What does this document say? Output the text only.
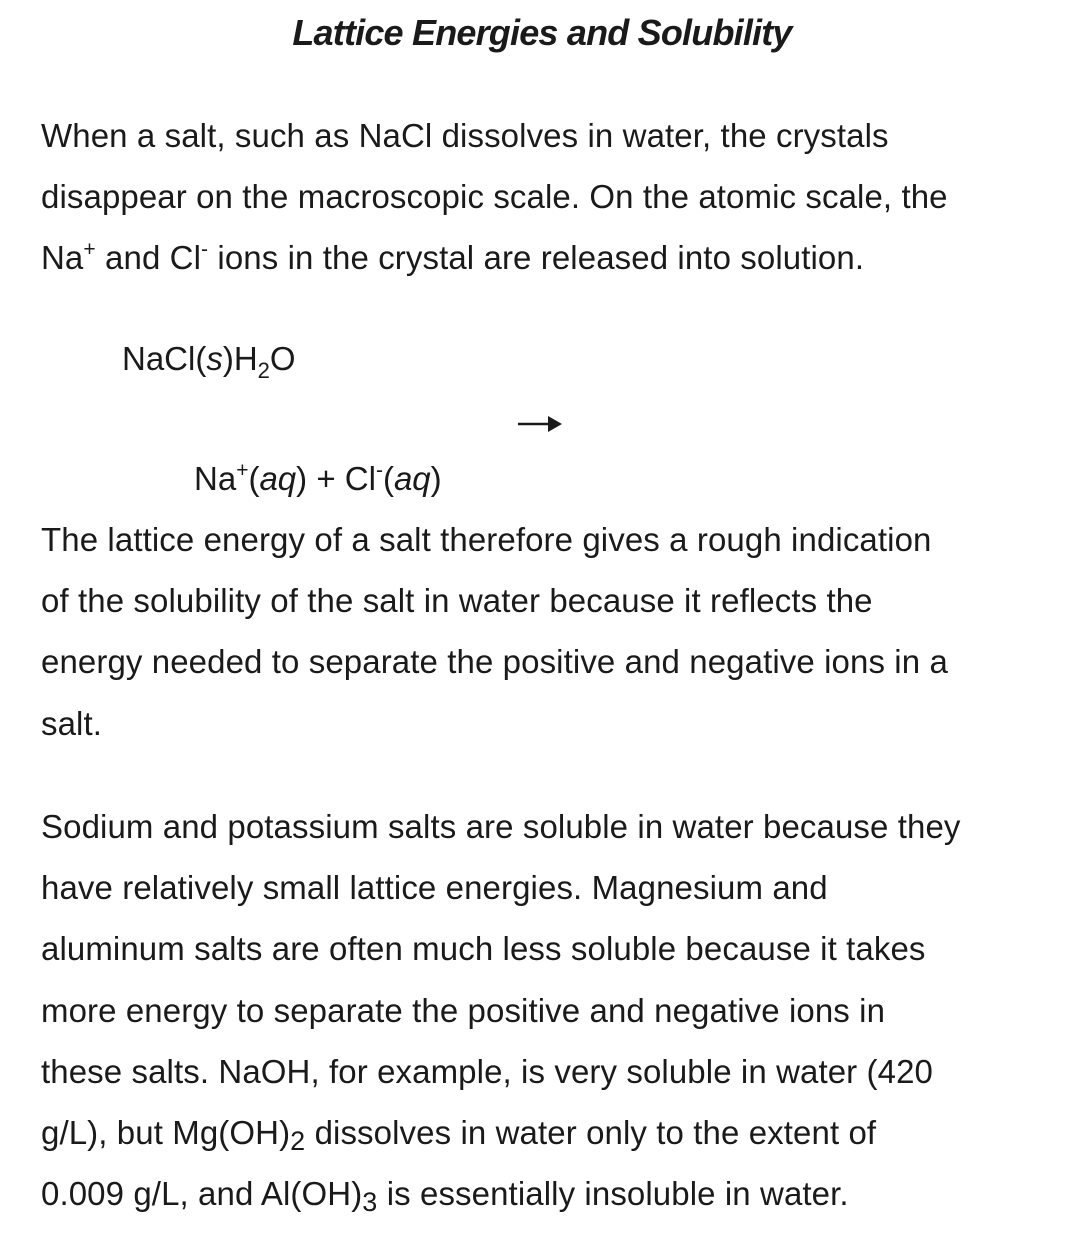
Lattice Energies and Solubility
When a salt, such as NaCl dissolves in water, the crystals
disappear on the macroscopic scale. On the atomic scale, the
Na+ and Cl- ions in the crystal are released into solution.
$NaCl(s)H_2O$
Na+(aq) + Cl-(aq)
The lattice energy of a salt therefore gives a rough indication
of the solubility of the salt in water because it reflects the
energy needed to separate the positive and negative ions in a
salt.
Sodium and potassium salts are soluble in water because they
have relatively small lattice energies. Magnesium and
aluminum salts are often much less soluble because it takes
more energy to separate the positive and negative ions in
these salts. NaOH, for example, is very soluble in water (420
g/L), but $Mg(OH)_2$ dissolves in water only to the extent of
0.009 g/L, and $Al(OH)_3$ is essentially insoluble in water.
